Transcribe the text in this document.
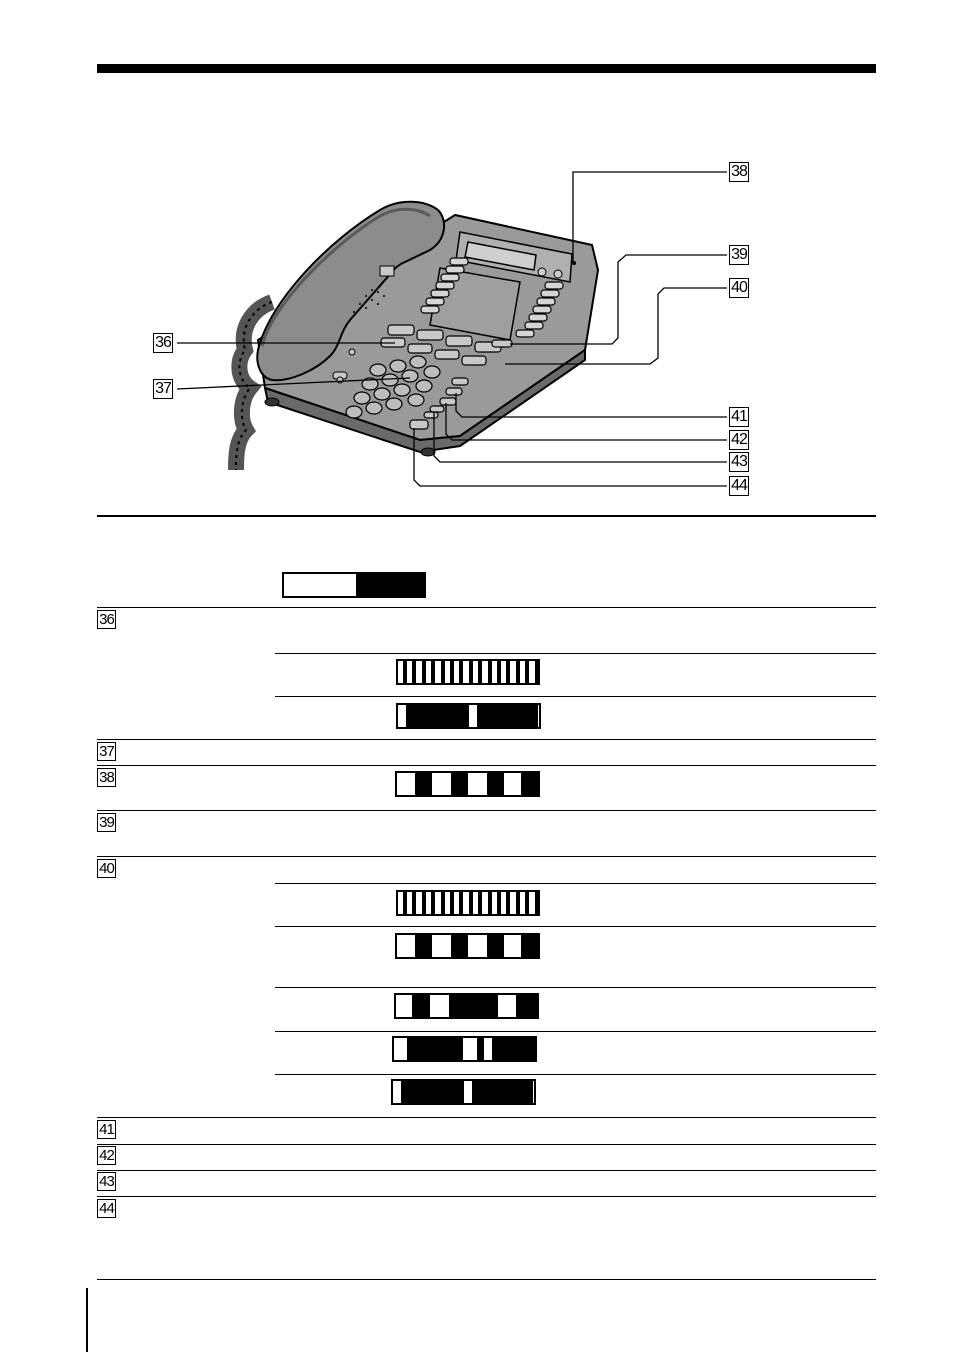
38
39
40
36
37
41
42
43
44
36
37
38
39
40
41
42
43
44
